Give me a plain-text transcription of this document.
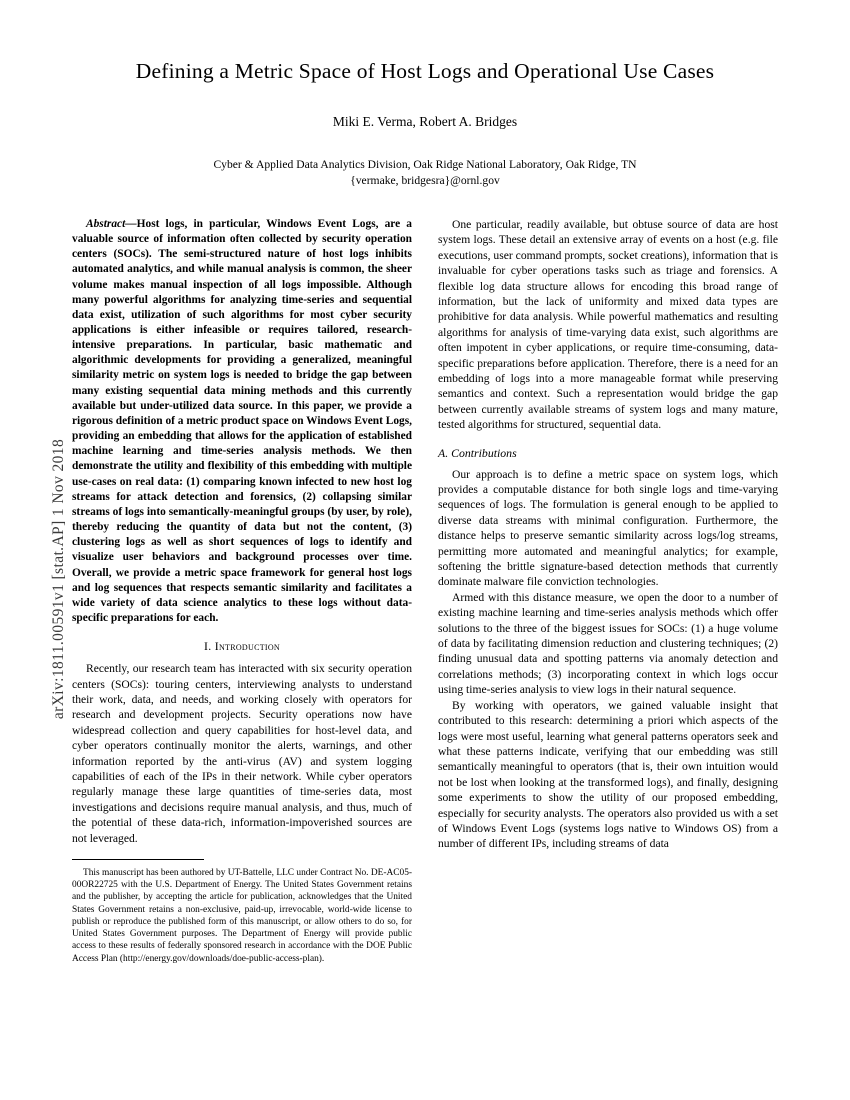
arXiv:1811.00591v1 [stat.AP] 1 Nov 2018
Defining a Metric Space of Host Logs and Operational Use Cases
Miki E. Verma, Robert A. Bridges
Cyber & Applied Data Analytics Division, Oak Ridge National Laboratory, Oak Ridge, TN
{vermake, bridgesra}@ornl.gov

Abstract—Host logs, in particular, Windows Event Logs, are a valuable source of information often collected by security operation centers (SOCs). The semi-structured nature of host logs inhibits automated analytics, and while manual analysis is common, the sheer volume makes manual inspection of all logs impossible. Although many powerful algorithms for analyzing time-series and sequential data exist, utilization of such algorithms for most cyber security applications is either infeasible or requires tailored, research-intensive preparations. In particular, basic mathematic and algorithmic developments for providing a generalized, meaningful similarity metric on system logs is needed to bridge the gap between many existing sequential data mining methods and this currently available but under-utilized data source. In this paper, we provide a rigorous definition of a metric product space on Windows Event Logs, providing an embedding that allows for the application of established machine learning and time-series analysis methods. We then demonstrate the utility and flexibility of this embedding with multiple use-cases on real data: (1) comparing known infected to new host log streams for attack detection and forensics, (2) collapsing similar streams of logs into semantically-meaningful groups (by user, by role), thereby reducing the quantity of data but not the content, (3) clustering logs as well as short sequences of logs to identify and visualize user behaviors and background processes over time. Overall, we provide a metric space framework for general host logs and log sequences that respects semantic similarity and facilitates a wide variety of data science analytics to these logs without data-specific preparations for each.

I. Introduction

Recently, our research team has interacted with six security operation centers (SOCs): touring centers, interviewing analysts to understand their work, data, and needs, and working closely with operators for research and development projects. Security operations now have widespread collection and query capabilities for host-level data, and cyber operators continually monitor the alerts, warnings, and other information reported by the anti-virus (AV) and system logging capabilities of each of the IPs in their network. While cyber operators regularly manage these large quantities of time-series data, most investigations and decisions require manual analysis, and thus, much of the potential of these data-rich, information-impoverished sources are not leveraged.

This manuscript has been authored by UT-Battelle, LLC under Contract No. DE-AC05-00OR22725 with the U.S. Department of Energy. The United States Government retains and the publisher, by accepting the article for publication, acknowledges that the United States Government retains a non-exclusive, paid-up, irrevocable, world-wide license to publish or reproduce the published form of this manuscript, or allow others to do so, for United States Government purposes. The Department of Energy will provide public access to these results of federally sponsored research in accordance with the DOE Public Access Plan (http://energy.gov/downloads/doe-public-access-plan).

One particular, readily available, but obtuse source of data are host system logs. These detail an extensive array of events on a host (e.g. file executions, user command prompts, socket creations), information that is invaluable for cyber operations tasks such as triage and forensics. A flexible log data structure allows for encoding this broad range of information, but the lack of uniformity and mixed data types are prohibitive for data analysis. While powerful mathematics and resulting algorithms for analysis of time-varying data exist, such algorithms are often impotent in cyber applications, or require time-consuming, data-specific preparations before application. Therefore, there is a need for an embedding of logs into a more manageable format while preserving semantics and context. Such a representation would bridge the gap between currently available streams of system logs and many mature, tested algorithms for structured, sequential data.

A. Contributions

Our approach is to define a metric space on system logs, which provides a computable distance for both single logs and time-varying sequences of logs. The formulation is general enough to be applied to diverse data streams with minimal configuration. Furthermore, the distance helps to preserve semantic similarity across logs/log streams, permitting more automated and meaningful analytics; for example, softening the brittle signature-based detection methods that currently dominate malware file conviction technologies.

Armed with this distance measure, we open the door to a number of existing machine learning and time-series analysis methods which offer solutions to the three of the biggest issues for SOCs: (1) a huge volume of data by facilitating dimension reduction and clustering techniques; (2) finding unusual data and spotting patterns via anomaly detection and correlations methods; (3) incorporating context in which logs occur using time-series analysis to view logs in their natural sequence.

By working with operators, we gained valuable insight that contributed to this research: determining a priori which aspects of the logs were most useful, learning what general patterns operators seek and what these patterns indicate, verifying that our embedding was still semantically meaningful to operators (that is, their own intuition would not be lost when looking at the transformed logs), and finally, designing some experiments to show the utility of our proposed embedding, especially for security analysts. The operators also provided us with a set of Windows Event Logs (systems logs native to Windows OS) from a number of different IPs, including streams of data
